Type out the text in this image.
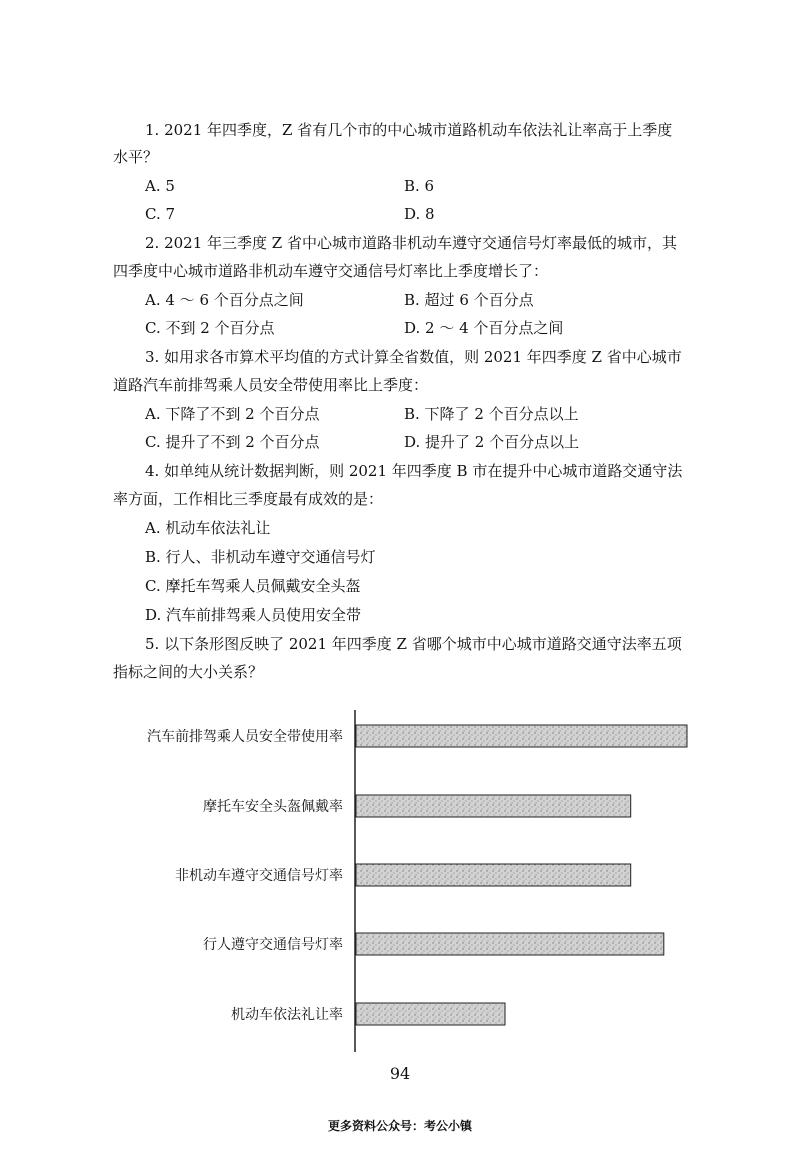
1. 2021 年四季度，Z 省有几个市的中心城市道路机动车依法礼让率高于上季度
水平？
A. 5	B. 6
C. 7	D. 8
2. 2021 年三季度 Z 省中心城市道路非机动车遵守交通信号灯率最低的城市，其
四季度中心城市道路非机动车遵守交通信号灯率比上季度增长了：
A. 4 ～ 6 个百分点之间	B. 超过 6 个百分点
C. 不到 2 个百分点	D. 2 ～ 4 个百分点之间
3. 如用求各市算术平均值的方式计算全省数值，则 2021 年四季度 Z 省中心城市
道路汽车前排驾乘人员安全带使用率比上季度：
A. 下降了不到 2 个百分点	B. 下降了 2 个百分点以上
C. 提升了不到 2 个百分点	D. 提升了 2 个百分点以上
4. 如单纯从统计数据判断，则 2021 年四季度 B 市在提升中心城市道路交通守法
率方面，工作相比三季度最有成效的是：
A. 机动车依法礼让
B. 行人、非机动车遵守交通信号灯
C. 摩托车驾乘人员佩戴安全头盔
D. 汽车前排驾乘人员使用安全带
5. 以下条形图反映了 2021 年四季度 Z 省哪个城市中心城市道路交通守法率五项
指标之间的大小关系？
汽车前排驾乘人员安全带使用率
摩托车安全头盔佩戴率
非机动车遵守交通信号灯率
行人遵守交通信号灯率
机动车依法礼让率
94
更多资料公众号：考公小镇
